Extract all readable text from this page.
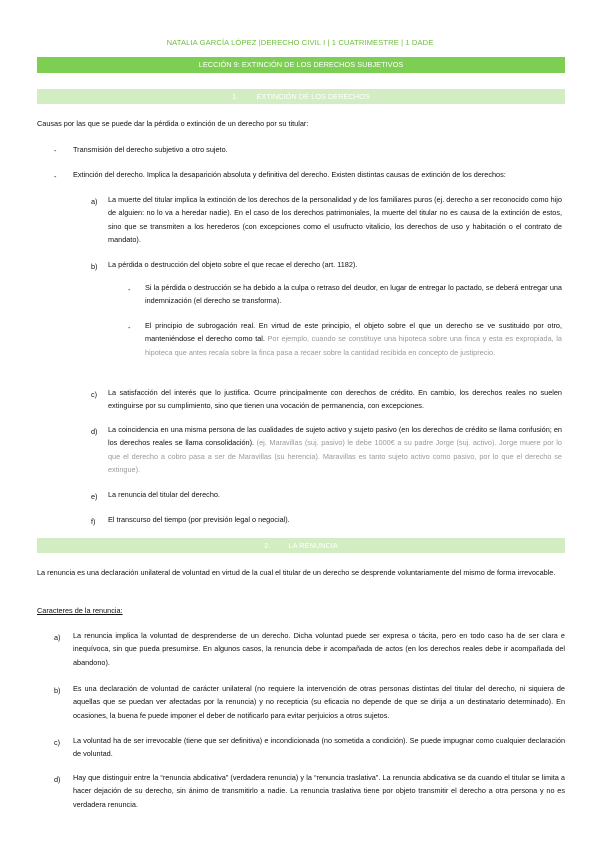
NATALIA GARCÍA LÓPEZ |DERECHO CIVIL I | 1 CUATRIMESTRE | 1 DADE
LECCIÓN 9: EXTINCIÓN DE LOS DERECHOS SUBJETIVOS
1. EXTINCIÓN DE LOS DERECHOS
Causas por las que se puede dar la pérdida o extinción de un derecho por su titular:
- Transmisión del derecho subjetivo a otro sujeto.
- Extinción del derecho. Implica la desaparición absoluta y definitiva del derecho. Existen distintas causas de extinción de los derechos:
a) La muerte del titular implica la extinción de los derechos de la personalidad y de los familiares puros (ej. derecho a ser reconocido como hijo de alguien: no lo va a heredar nadie). En el caso de los derechos patrimoniales, la muerte del titular no es causa de la extinción de estos, sino que se transmiten a los herederos (con excepciones como el usufructo vitalicio, los derechos de uso y habitación o el contrato de mandato).
b) La pérdida o destrucción del objeto sobre el que recae el derecho (art. 1182).
- Si la pérdida o destrucción se ha debido a la culpa o retraso del deudor, en lugar de entregar lo pactado, se deberá entregar una indemnización (el derecho se transforma).
- El principio de subrogación real. En virtud de este principio, el objeto sobre el que un derecho se ve sustituido por otro, manteniéndose el derecho como tal. Por ejemplo, cuando se constituye una hipoteca sobre una finca y esta es expropiada, la hipoteca que antes recaía sobre la finca pasa a recaer sobre la cantidad recibida en concepto de justiprecio.
c) La satisfacción del interés que lo justifica. Ocurre principalmente con derechos de crédito. En cambio, los derechos reales no suelen extinguirse por su cumplimiento, sino que tienen una vocación de permanencia, con excepciones.
d) La coincidencia en una misma persona de las cualidades de sujeto activo y sujeto pasivo (en los derechos de crédito se llama confusión; en los derechos reales se llama consolidación). (ej. Maravillas (suj. pasivo) le debe 1000€ a su padre Jorge (suj. activo). Jorge muere por lo que el derecho a cobro pasa a ser de Maravillas (su herencia). Maravillas es tanto sujeto activo como pasivo, por lo que el derecho se extingue).
e) La renuncia del titular del derecho.
f) El transcurso del tiempo (por previsión legal o negocial).
2. LA RENUNCIA
La renuncia es una declaración unilateral de voluntad en virtud de la cual el titular de un derecho se desprende voluntariamente del mismo de forma irrevocable.
Caracteres de la renuncia:
a) La renuncia implica la voluntad de desprenderse de un derecho. Dicha voluntad puede ser expresa o tácita, pero en todo caso ha de ser clara e inequívoca, sin que pueda presumirse. En algunos casos, la renuncia debe ir acompañada de actos (en los derechos reales debe ir acompañada del abandono).
b) Es una declaración de voluntad de carácter unilateral (no requiere la intervención de otras personas distintas del titular del derecho, ni siquiera de aquellas que se puedan ver afectadas por la renuncia) y no recepticia (su eficacia no depende de que se dirija a un destinatario determinado). En ocasiones, la buena fe puede imponer el deber de notificarlo para evitar perjuicios a otros sujetos.
c) La voluntad ha de ser irrevocable (tiene que ser definitiva) e incondicionada (no sometida a condición). Se puede impugnar como cualquier declaración de voluntad.
d) Hay que distinguir entre la “renuncia abdicativa” (verdadera renuncia) y la “renuncia traslativa”. La renuncia abdicativa se da cuando el titular se limita a hacer dejación de su derecho, sin ánimo de transmitirlo a nadie. La renuncia traslativa tiene por objeto transmitir el derecho a otra persona y no es verdadera renuncia.
